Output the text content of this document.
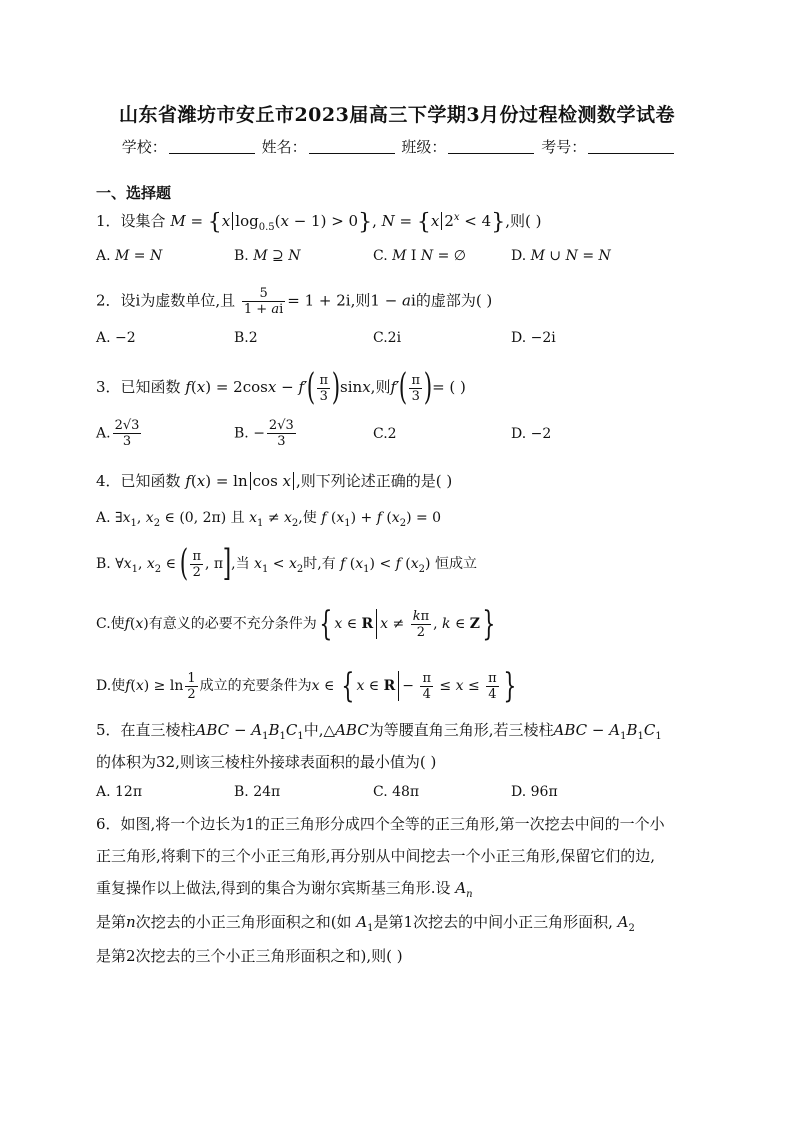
山东省潍坊市安丘市2023届高三下学期3月份过程检测数学试卷
学校：	姓名：	班级：	考号：
一、选择题
1．设集合 M = {x $\log_{0.5}(x - 1) > 0$}, N = {x $2^x < 4$},则( )
A. M = N	B. M ⊇ N	C. M I N = ∅	D. M ∪ N = N
2．设i为虚数单位,且 $\frac{5}{1 + ai} = 1 + 2i$,则1 − ai的虚部为( )
A. −2	B.2	C.2i	D. −2i
3．已知函数 $f(x) = 2\cos x - f'( \frac{\pi}{3} )\sin x$,则$f'( \frac{\pi}{3}$ )= ( )
A. $\frac{2√3}{3}$	B. − $\frac{2√3}{3}$	C.2	D. −2
4．已知函数 f(x) = ln cos x ,则下列论述正确的是( )
A. $\exists x_1$, $x_2$ ∈ (0, 2π) 且 $x_1 \ne x_2$,使 f $(x_1) + f$ $(x_2) = 0$
B. $\forall x_1$, $x_2$ ∈ ( $\frac{\pi}{2}$ , π],当 $x_1 < x_2$时,有 f $(x_1) < f$ $(x_2)$ 恒成立
C.使f(x)有意义的必要不充分条件为{ x ∈ R $x \ne \frac{k\pi}{2}$ , k ∈ Z}
D.使$f(x) \ge \ln \frac{1}{2}$ 成立的充要条件为x ∈ { x ∈ $R - \frac{\pi}{4} \le x \le \frac{\pi}{4}$ }
5．在直三棱柱ABC − $A_1B_1C_1$中,△ABC为等腰直角三角形,若三棱柱ABC − $A_1B_1C_1$
的体积为32,则该三棱柱外接球表面积的最小值为( )
A. 12π	B. 24π	C. 48π	D. 96π
6．如图,将一个边长为1的正三角形分成四个全等的正三角形,第一次挖去中间的一个小
正三角形,将剩下的三个小正三角形,再分别从中间挖去一个小正三角形,保留它们的边,
重复操作以上做法,得到的集合为谢尔宾斯基三角形.设 $A_n$
是第n次挖去的小正三角形面积之和(如 $A_1$是第1次挖去的中间小正三角形面积, $A_2$
是第2次挖去的三个小正三角形面积之和),则( )
